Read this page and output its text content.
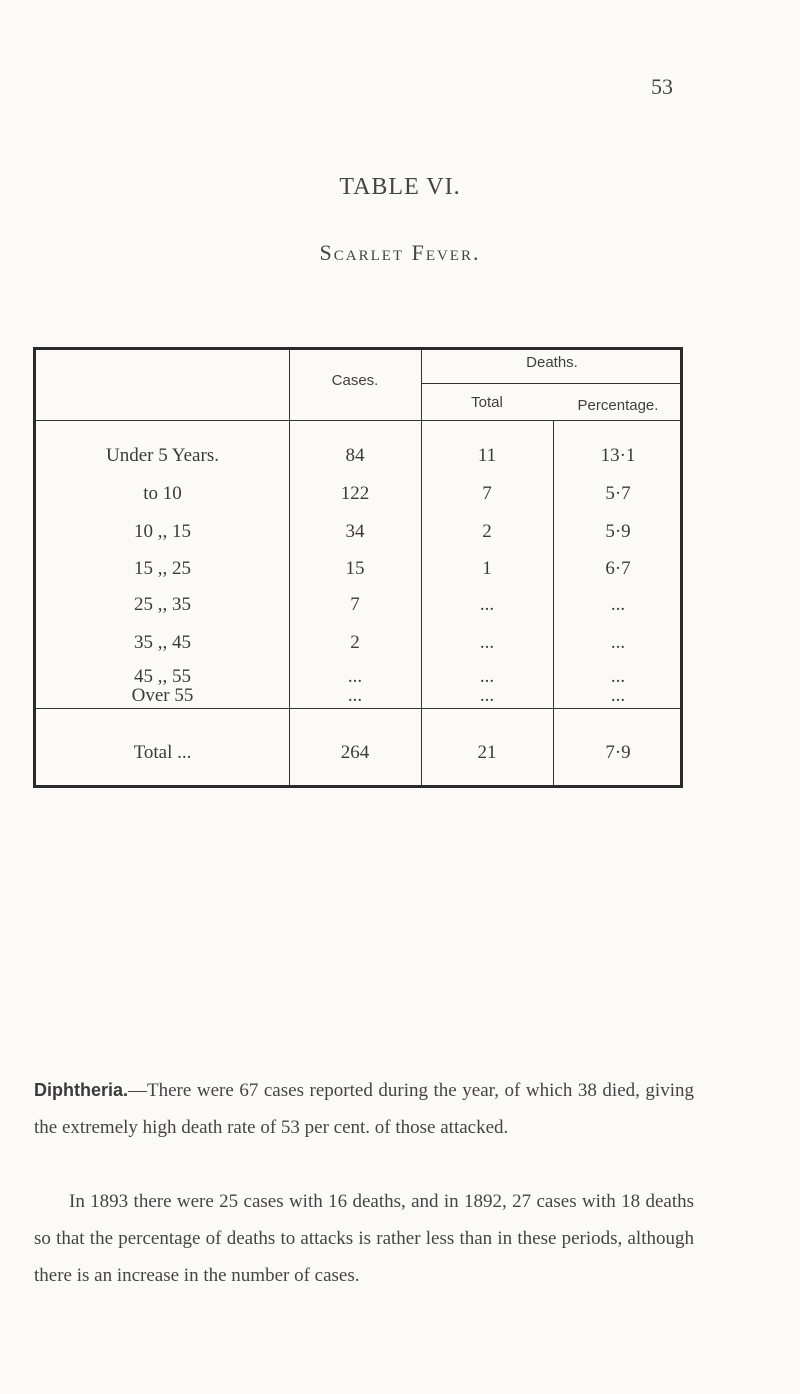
53
TABLE VI.
Scarlet Fever.
Cases.
Deaths.
Total	Percentage.
Under 5 Years.	84	11	13·1
to 10	122	7	5·7
10 ,, 15	34	2	5·9
15 ,, 25	15	1	6·7
25 ,, 35	7	...	...
35 ,, 45	2	...	...
45 ,, 55	...	...	...
Over 55	...	...	...
Total ...	264	21	7·9
Diphtheria.—There were 67 cases reported during the year, of which 38 died, giving the extremely high death rate of 53 per cent. of those attacked.
In 1893 there were 25 cases with 16 deaths, and in 1892, 27 cases with 18 deaths so that the percentage of deaths to attacks is rather less than in these periods, although there is an increase in the number of cases.
